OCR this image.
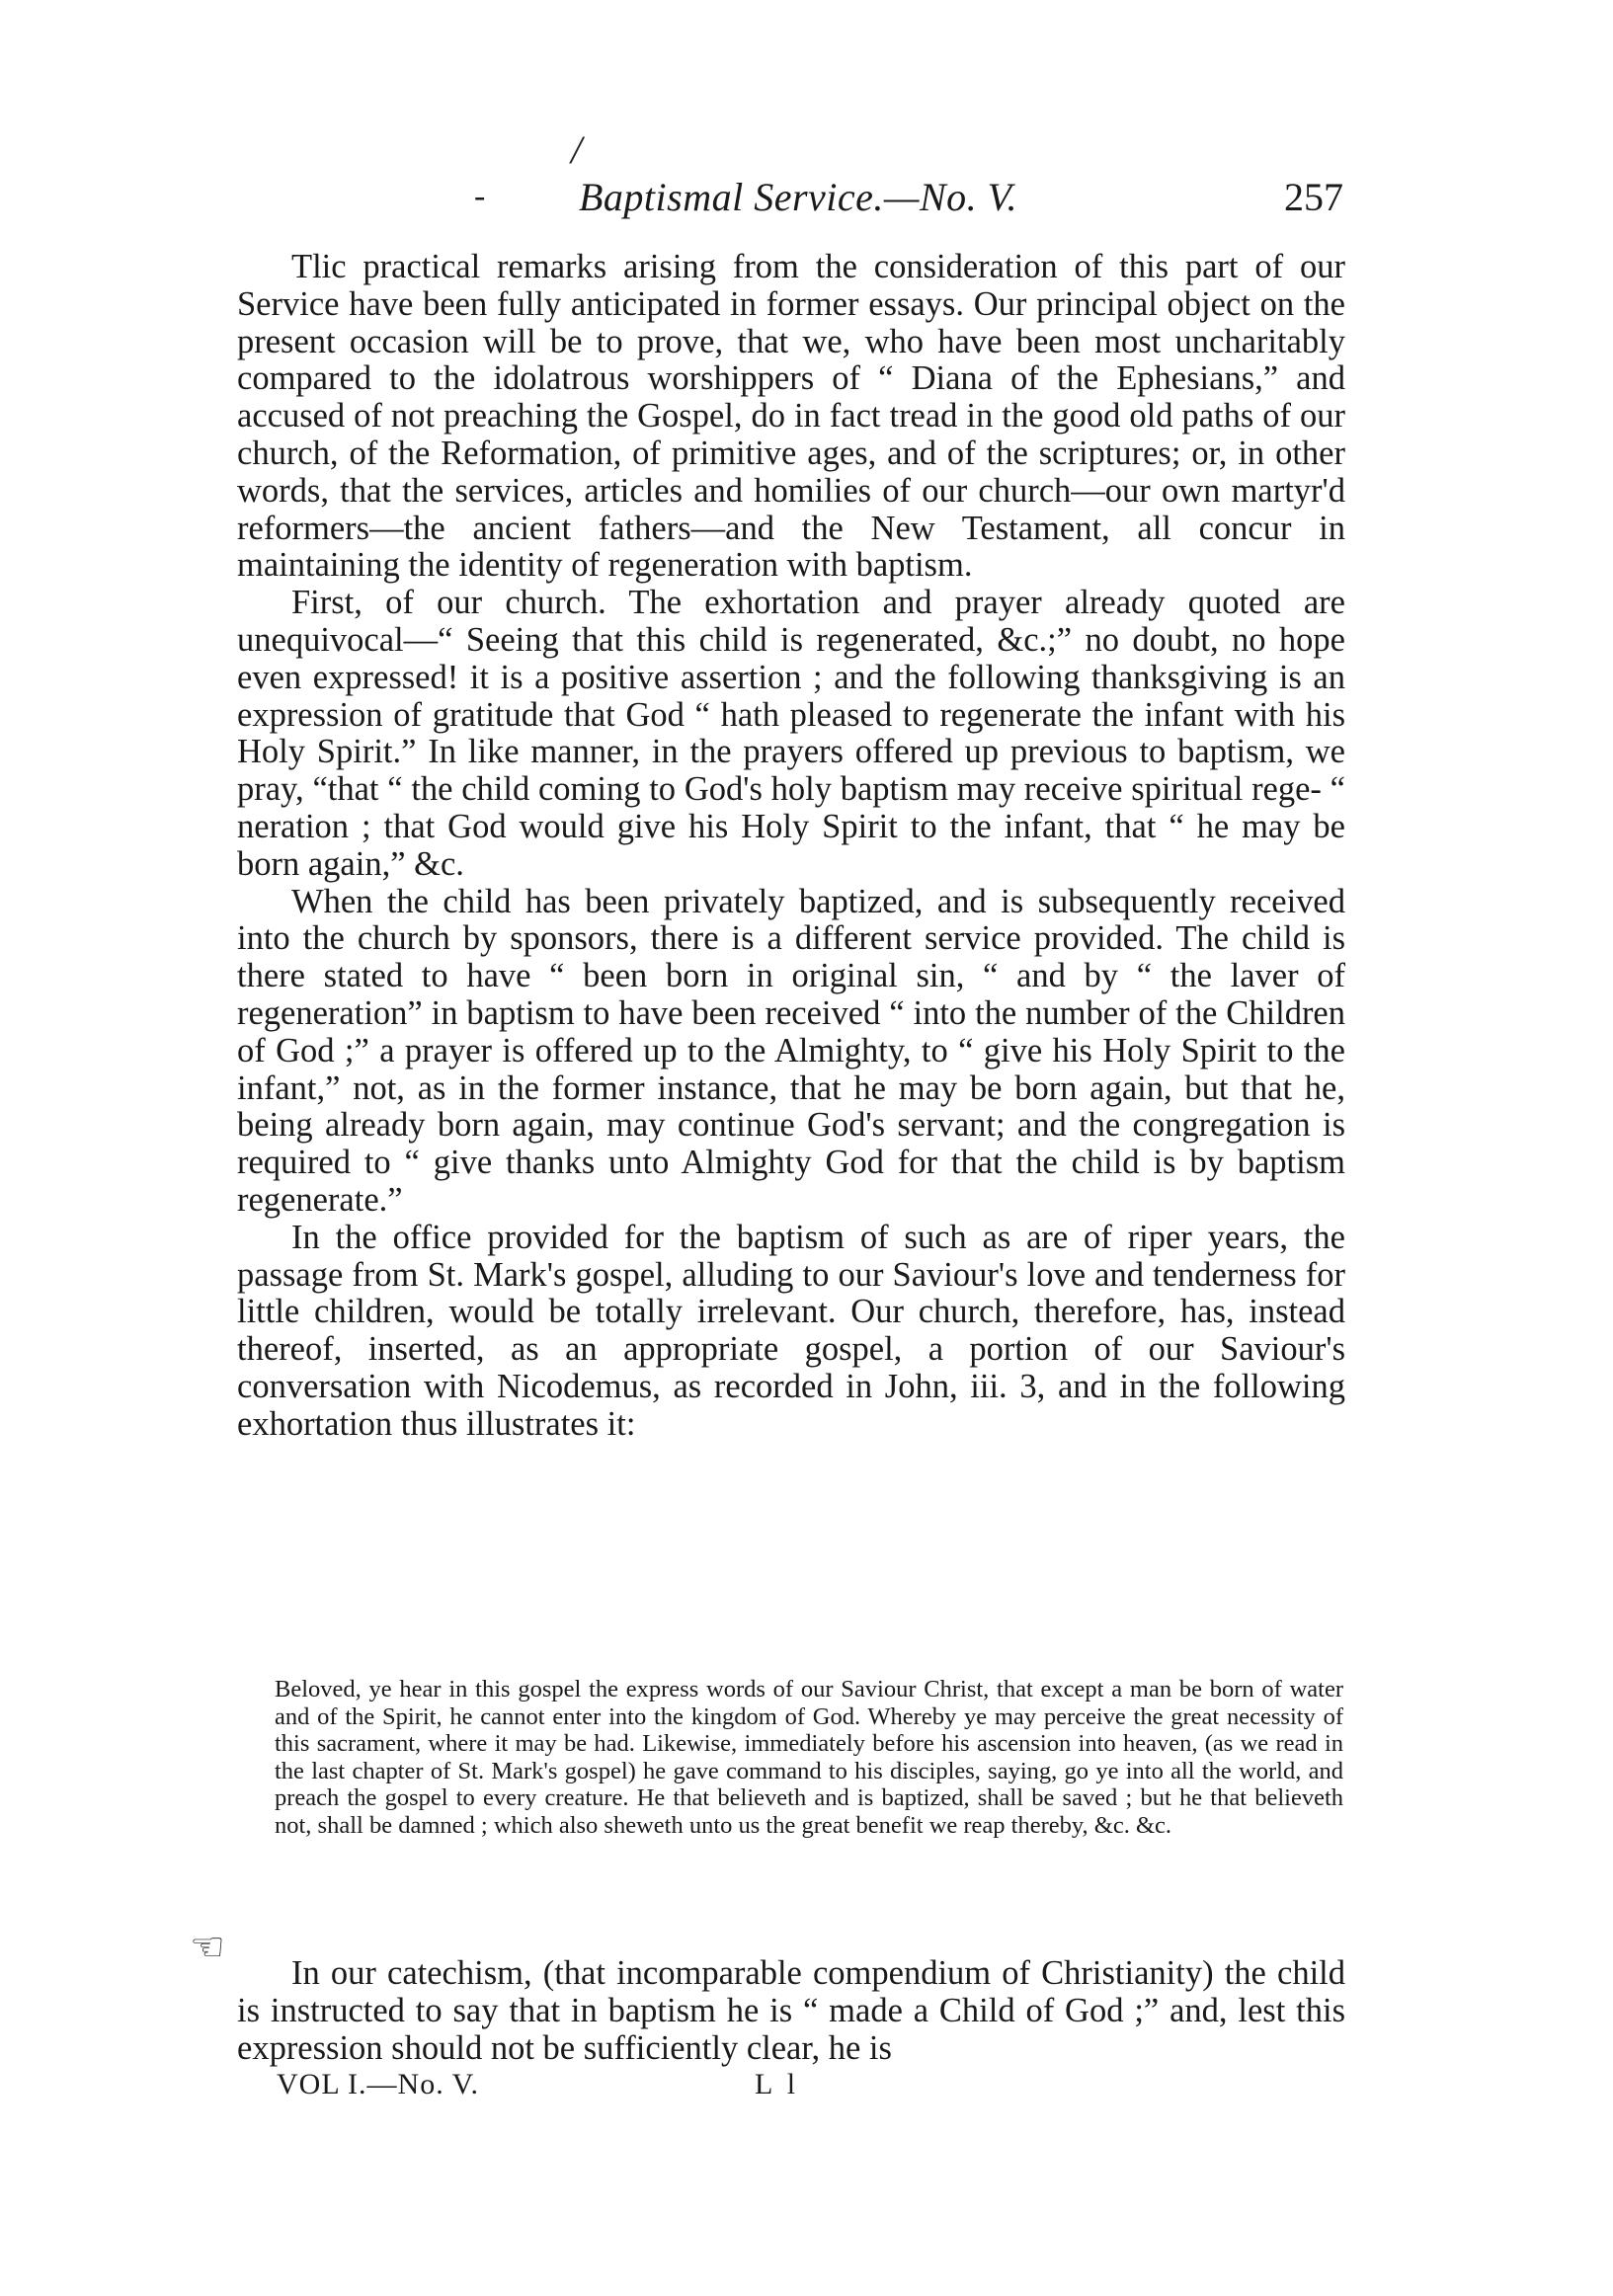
/
- Baptismal Service.—No. V.	257

Tlic practical remarks arising from the consideration of this part of our Service have been fully anticipated in former essays. Our principal object on the present occasion will be to prove, that we, who have been most uncharitably compared to the idolatrous worshippers of “ Diana of the Ephesians,” and accused of not preaching the Gospel, do in fact tread in the good old paths of our church, of the Reformation, of primitive ages, and of the scriptures; or, in other words, that the services, articles and homilies of our church—our own martyr'd reformers—the ancient fathers—and the New Testament, all concur in maintaining the identity of regeneration with baptism.

First, of our church. The exhortation and prayer already quoted are unequivocal—“ Seeing that this child is regenerated, &c.;” no doubt, no hope even expressed! it is a positive assertion ; and the following thanksgiving is an expression of gratitude that God “ hath pleased to regenerate the infant with his Holy Spirit.” In like manner, in the prayers offered up previous to baptism, we pray, “that “ the child coming to God's holy baptism may receive spiritual rege- “ neration ; that God would give his Holy Spirit to the infant, that “ he may be born again,” &c.

When the child has been privately baptized, and is subsequently received into the church by sponsors, there is a different service provided. The child is there stated to have “ been born in original sin, “ and by “ the laver of regeneration” in baptism to have been received “ into the number of the Children of God ;” a prayer is offered up to the Almighty, to “ give his Holy Spirit to the infant,” not, as in the former instance, that he may be born again, but that he, being already born again, may continue God's servant; and the congregation is required to “ give thanks unto Almighty God for that the child is by baptism regenerate.”

In the office provided for the baptism of such as are of riper years, the passage from St. Mark's gospel, alluding to our Saviour's love and tenderness for little children, would be totally irrelevant. Our church, therefore, has, instead thereof, inserted, as an appropriate gospel, a portion of our Saviour's conversation with Nicodemus, as recorded in John, iii. 3, and in the following exhortation thus illustrates it:

Beloved, ye hear in this gospel the express words of our Saviour Christ, that except a man be born of water and of the Spirit, he cannot enter into the kingdom of God. Whereby ye may perceive the great necessity of this sacrament, where it may be had. Likewise, immediately before his ascension into heaven, (as we read in the last chapter of St. Mark's gospel) he gave command to his disciples, saying, go ye into all the world, and preach the gospel to every creature. He that believeth and is baptized, shall be saved ; but he that believeth not, shall be damned ; which also sheweth unto us the great benefit we reap thereby, &c. &c.

☜

In our catechism, (that incomparable compendium of Christianity) the child is instructed to say that in baptism he is “ made a Child of God ;” and, lest this expression should not be sufficiently clear, he is

VOL I.—No. V.	L l
